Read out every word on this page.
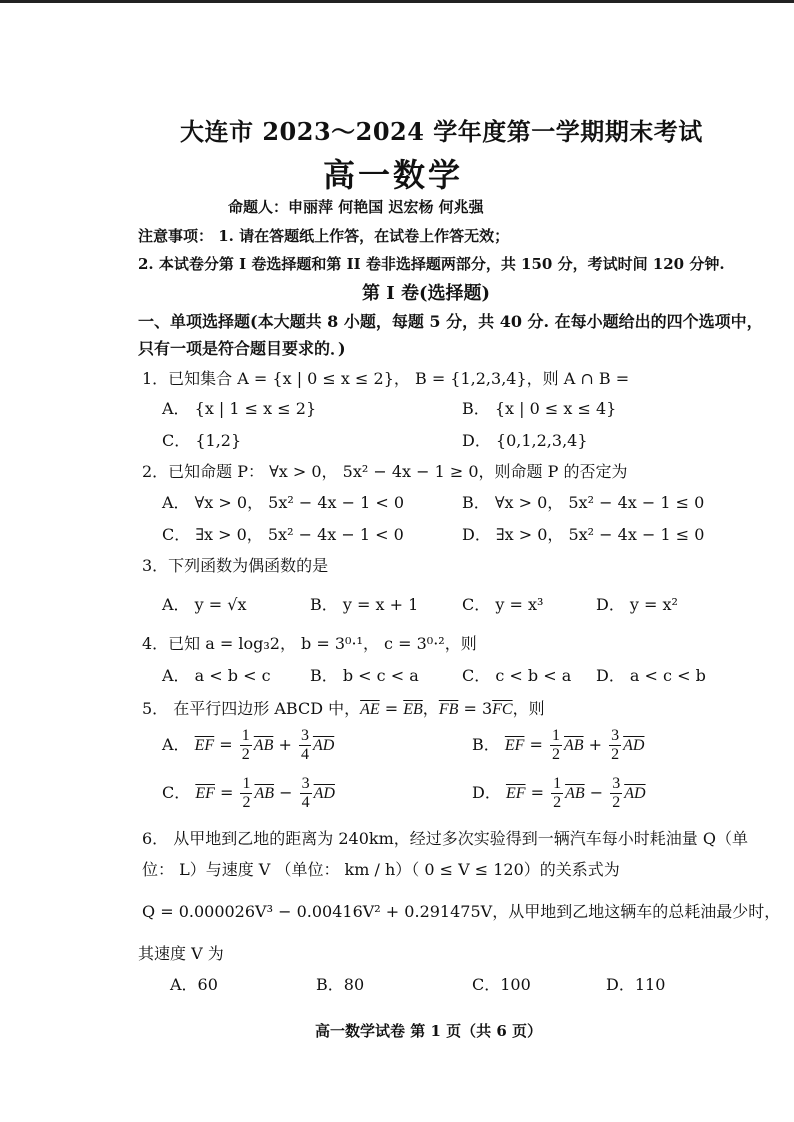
大连市 2023～2024 学年度第一学期期末考试
高一数学
命题人：申丽萍 何艳国 迟宏杨 何兆强
注意事项： 1. 请在答题纸上作答，在试卷上作答无效；
2. 本试卷分第 I 卷选择题和第 II 卷非选择题两部分，共 150 分，考试时间 120 分钟.
第 I 卷(选择题)
一、单项选择题(本大题共 8 小题，每题 5 分，共 40 分. 在每小题给出的四个选项中，
只有一项是符合题目要求的．)
1．已知集合 A = {x | 0 ≤ x ≤ 2}， B = {1,2,3,4}，则 A ∩ B =
A． {x | 1 ≤ x ≤ 2}	B． {x | 0 ≤ x ≤ 4}
C． {1,2}	D． {0,1,2,3,4}
2．已知命题 P： ∀x > 0， 5x² − 4x − 1 ≥ 0，则命题 P 的否定为
A． ∀x > 0， 5x² − 4x − 1 < 0	B． ∀x > 0， 5x² − 4x − 1 ≤ 0
C． ∃x > 0， 5x² − 4x − 1 < 0	D． ∃x > 0， 5x² − 4x − 1 ≤ 0
3．下列函数为偶函数的是
A． y = √x	B． y = x + 1	C． y = x³	D． y = x²
4．已知 a = log₃2， b = 3⁰·¹， c = 3⁰·²，则
A． a < b < c B． b < c < a	C． c < b < a D． a < c < b
5． 在平行四边形 ABCD 中，$\overline{AE} = \overline{EB}$，$\overline{FB} = 3\overline{FC}$，则
A． $\overline{EF} = \frac{1}{2} \overline{AB} + \frac{3}{4} \overline{AD}$	B． $\overline{EF} = \frac{1}{2} \overline{AB} + \frac{3}{2} \overline{AD}$
C． $\overline{EF} = \frac{1}{2} \overline{AB} - \frac{3}{4} \overline{AD}$	D． $\overline{EF} = \frac{1}{2} \overline{AB} - \frac{3}{2} \overline{AD}$
6． 从甲地到乙地的距离为 240km，经过多次实验得到一辆汽车每小时耗油量 Q（单
位： L）与速度 V （单位： km / h）（ 0 ≤ V ≤ 120）的关系式为
Q = 0.000026V³ − 0.00416V² + 0.291475V，从甲地到乙地这辆车的总耗油最少时，
其速度 V 为
A．60	B．80	C．100	D．110
高一数学试卷 第 1 页（共 6 页）
